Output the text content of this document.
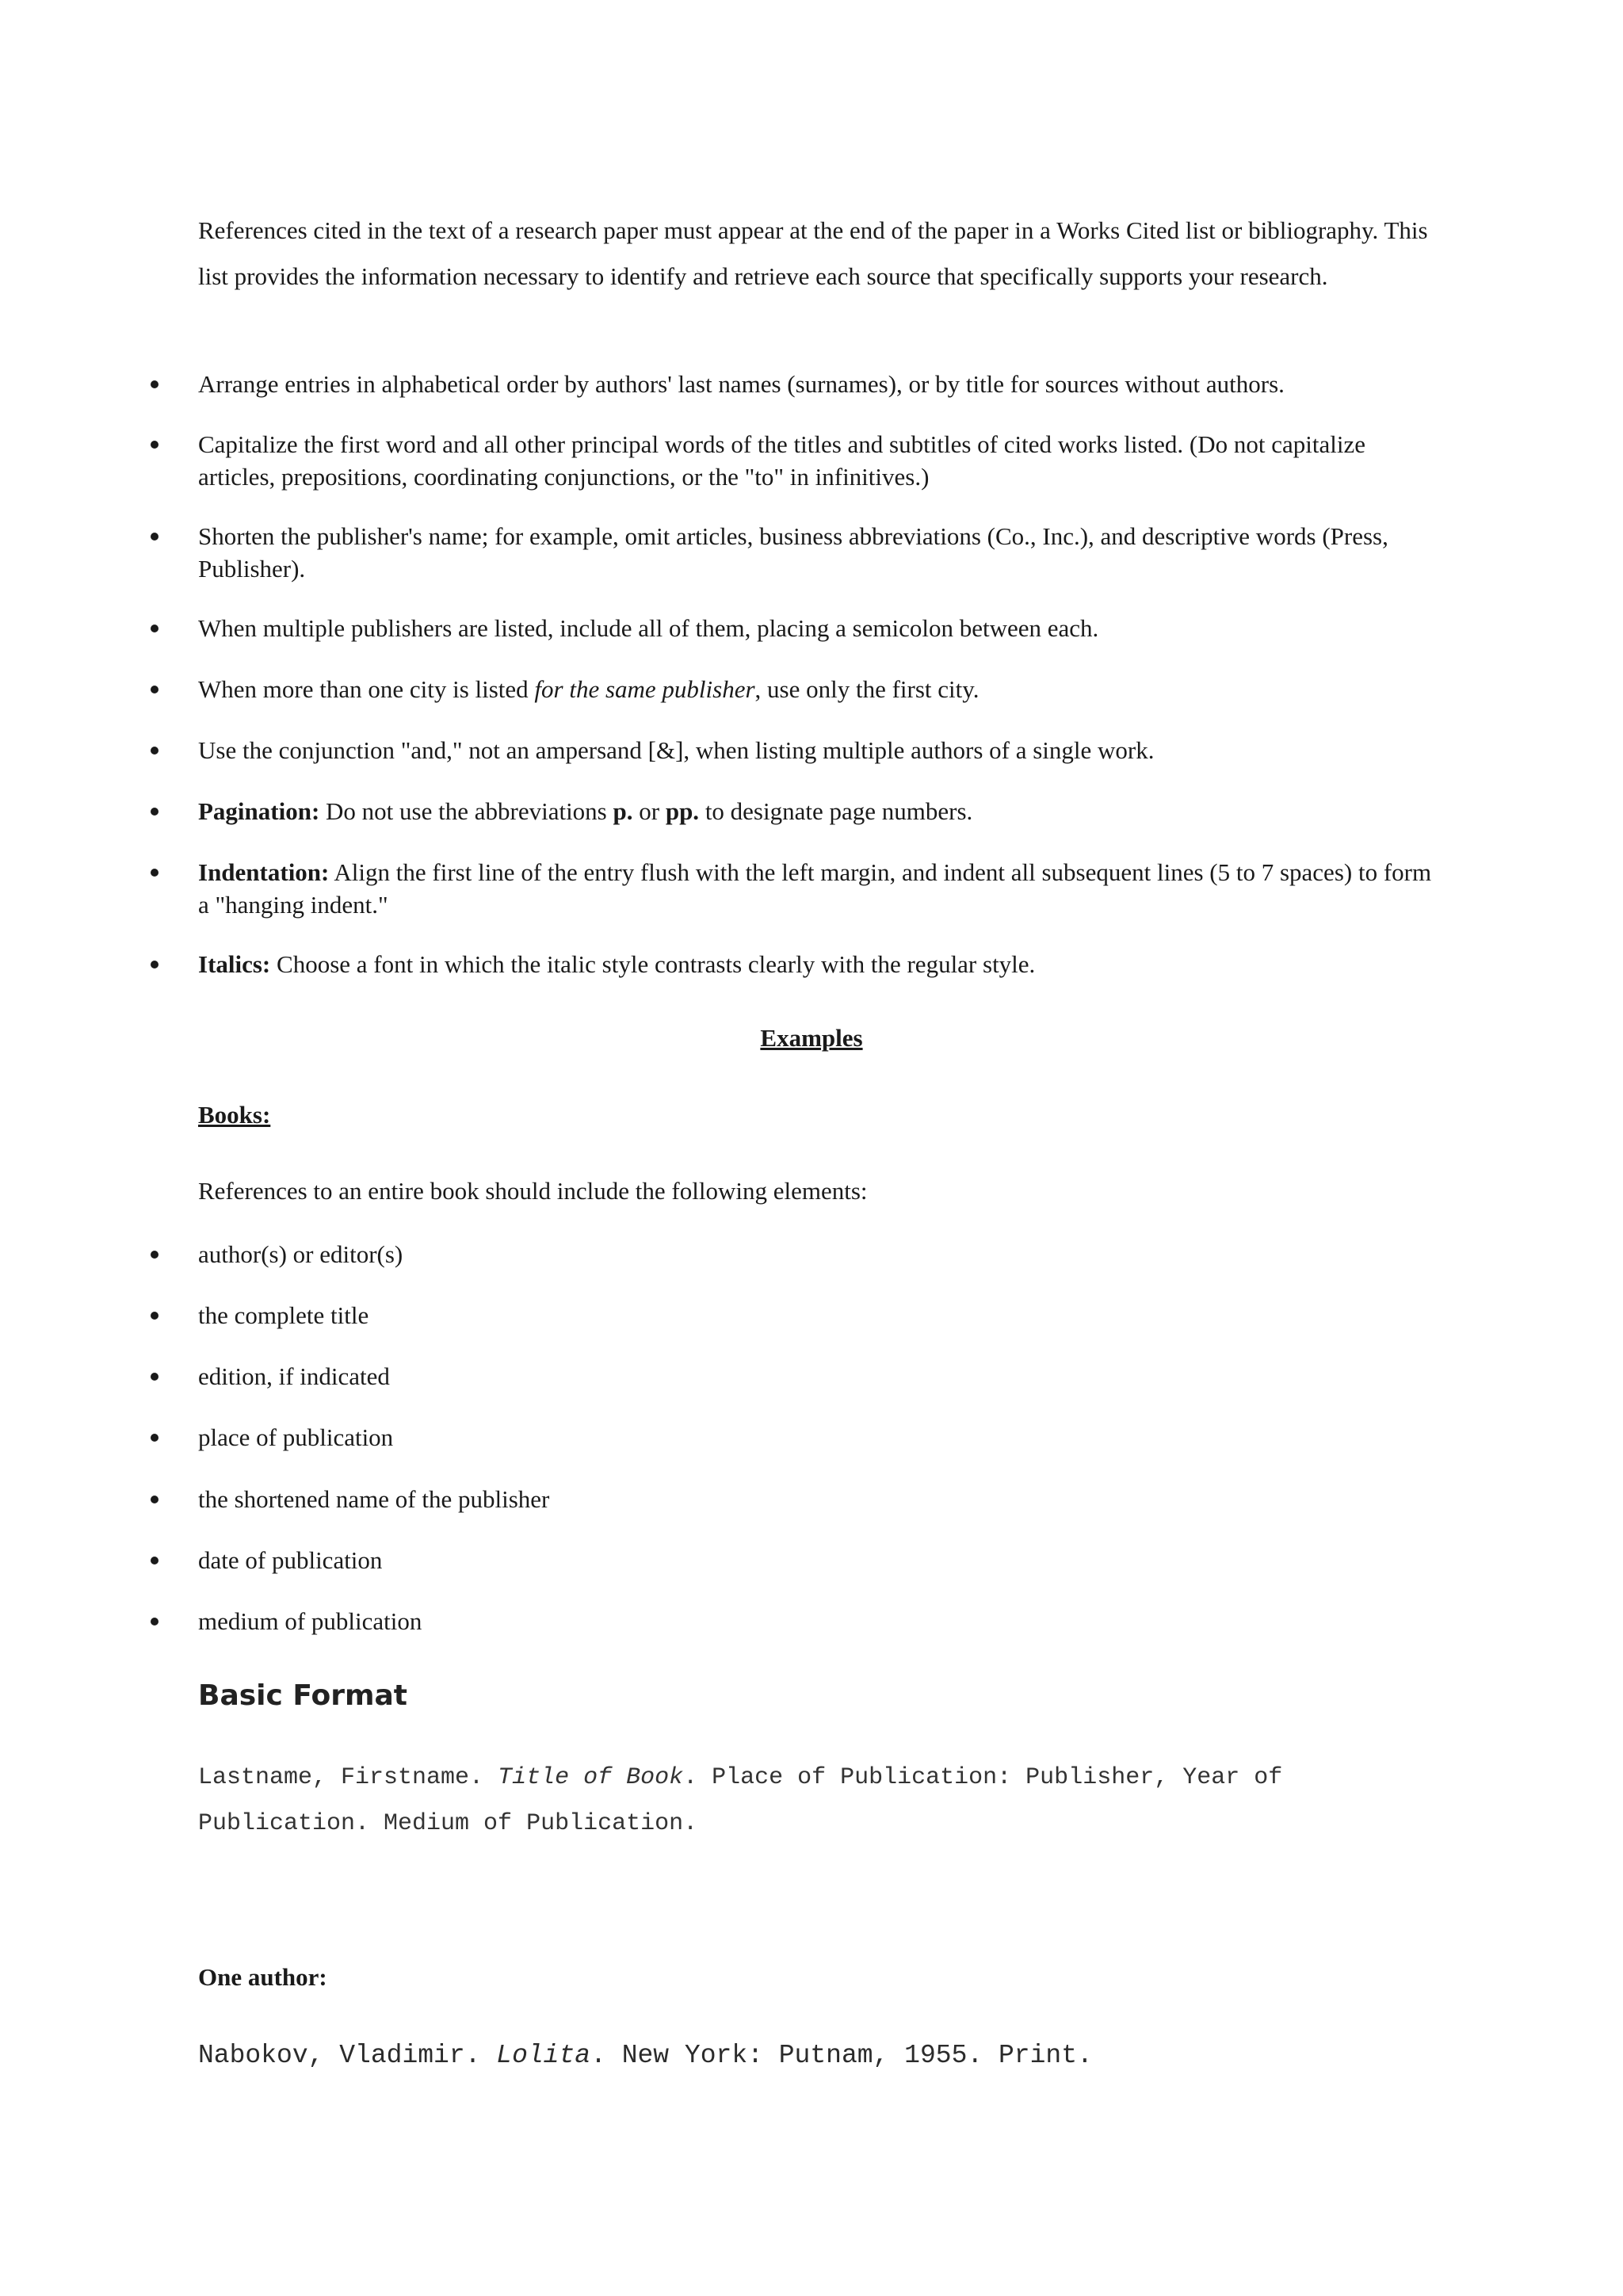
References cited in the text of a research paper must appear at the end of the paper in a Works Cited list or bibliography. This list provides the information necessary to identify and retrieve each source that specifically supports your research.

Arrange entries in alphabetical order by authors' last names (surnames), or by title for sources without authors.

Capitalize the first word and all other principal words of the titles and subtitles of cited works listed. (Do not capitalize articles, prepositions, coordinating conjunctions, or the "to" in infinitives.)

Shorten the publisher's name; for example, omit articles, business abbreviations (Co., Inc.), and descriptive words (Press, Publisher).

When multiple publishers are listed, include all of them, placing a semicolon between each.

When more than one city is listed for the same publisher, use only the first city.

Use the conjunction "and," not an ampersand [&], when listing multiple authors of a single work.

Pagination: Do not use the abbreviations p. or pp. to designate page numbers.

Indentation: Align the first line of the entry flush with the left margin, and indent all subsequent lines (5 to 7 spaces) to form a "hanging indent."

Italics: Choose a font in which the italic style contrasts clearly with the regular style.

Examples

Books:

References to an entire book should include the following elements:

author(s) or editor(s)

the complete title

edition, if indicated

place of publication

the shortened name of the publisher

date of publication

medium of publication

Basic Format

Lastname, Firstname. Title of Book. Place of Publication: Publisher, Year of Publication. Medium of Publication.

One author:

Nabokov, Vladimir. Lolita. New York: Putnam, 1955. Print.
